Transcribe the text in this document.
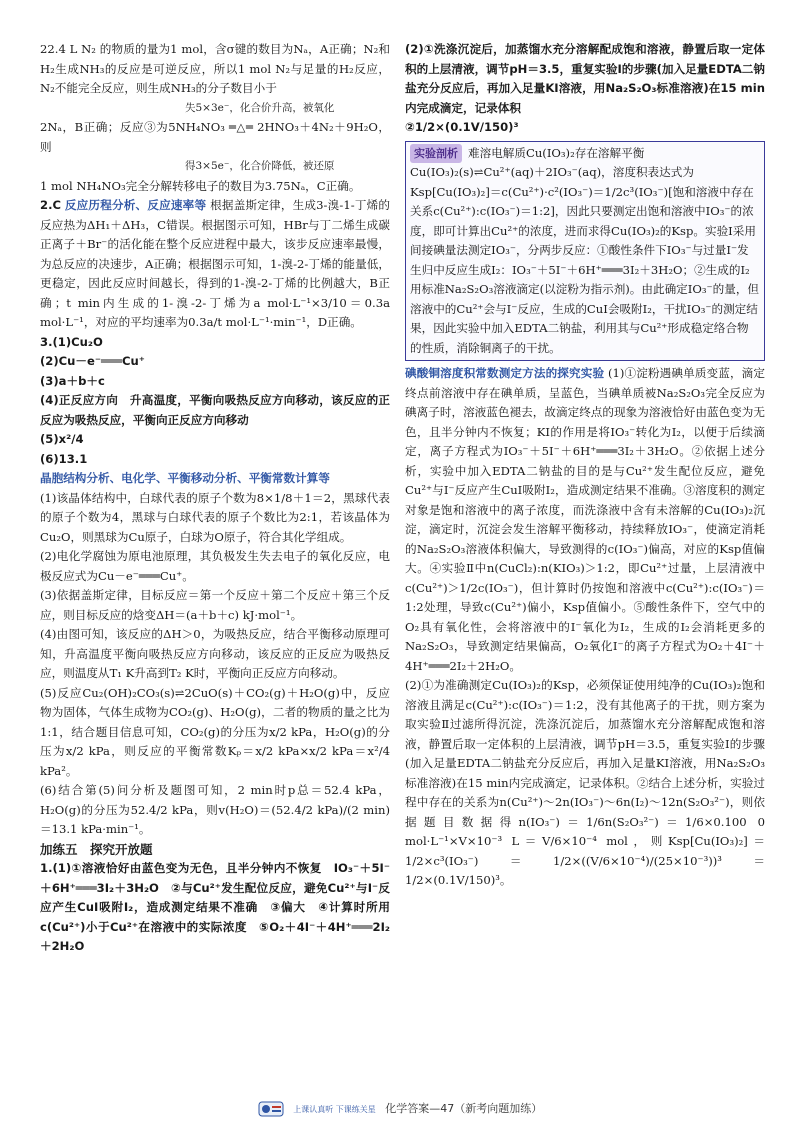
22.4 L N₂ 的物质的量为1 mol，含σ键的数目为Nₐ，A正确；N₂和H₂生成NH₃的反应是可逆反应，所以1 mol N₂与足量的H₂反应，N₂不能完全反应，则生成NH₃的分子数目小于

失5×3e⁻，化合价升高，被氧化

2Nₐ，B正确；反应③为5NH₄NO₃ ═△═ 2HNO₃＋4N₂＋9H₂O，则

得3×5e⁻，化合价降低，被还原

1 mol NH₄NO₃完全分解转移电子的数目为3.75Nₐ，C正确。

2.C 反应历程分析、反应速率等 根据盖斯定律，生成3-溴-1-丁烯的反应热为ΔH₁＋ΔH₃，C错误。根据图示可知，HBr与丁二烯生成碳正离子＋Br⁻的活化能在整个反应进程中最大，该步反应速率最慢，为总反应的决速步，A正确；根据图示可知，1-溴-2-丁烯的能量低，更稳定，因此反应时间越长，得到的1-溴-2-丁烯的比例越大，B正确；t min内生成的1-溴-2-丁烯为a mol·L⁻¹×3/10＝0.3a mol·L⁻¹，对应的平均速率为0.3a/t mol·L⁻¹·min⁻¹，D正确。

3.(1)Cu₂O

(2)Cu－e⁻═══Cu⁺

(3)a＋b＋c

(4)正反应方向　升高温度，平衡向吸热反应方向移动，该反应的正反应为吸热反应，平衡向正反应方向移动

(5)x²/4

(6)13.1

晶胞结构分析、电化学、平衡移动分析、平衡常数计算等

(1)该晶体结构中，白球代表的原子个数为8×1/8＋1＝2，黑球代表的原子个数为4，黑球与白球代表的原子个数比为2:1，若该晶体为Cu₂O，则黑球为Cu原子，白球为O原子，符合其化学组成。

(2)电化学腐蚀为原电池原理，其负极发生失去电子的氧化反应，电极反应式为Cu－e⁻═══Cu⁺。

(3)依据盖斯定律，目标反应＝第一个反应＋第二个反应＋第三个反应，则目标反应的焓变ΔH＝(a＋b＋c) kJ·mol⁻¹。

(4)由图可知，该反应的ΔH＞0，为吸热反应，结合平衡移动原理可知，升高温度平衡向吸热反应方向移动，该反应的正反应为吸热反应，则温度从T₁ K升高到T₂ K时，平衡向正反应方向移动。

(5)反应Cu₂(OH)₂CO₃(s)⇌2CuO(s)＋CO₂(g)＋H₂O(g)中，反应物为固体，气体生成物为CO₂(g)、H₂O(g)，二者的物质的量之比为1:1，结合题目信息可知，CO₂(g)的分压为x/2 kPa，H₂O(g)的分压为x/2 kPa，则反应的平衡常数Kₚ＝x/2 kPa×x/2 kPa＝x²/4 kPa²。

(6)结合第(5)问分析及题图可知，2 min时p总＝52.4 kPa，H₂O(g)的分压为52.4/2 kPa，则v(H₂O)＝(52.4/2 kPa)/(2 min)＝13.1 kPa·min⁻¹。

加练五　探究开放题

1.(1)①溶液恰好由蓝色变为无色，且半分钟内不恢复　IO₃⁻＋5I⁻＋6H⁺═══3I₂＋3H₂O　②与Cu²⁺发生配位反应，避免Cu²⁺与I⁻反应产生CuI吸附I₂，造成测定结果不准确　③偏大　④计算时所用c(Cu²⁺)小于Cu²⁺在溶液中的实际浓度　⑤O₂＋4I⁻＋4H⁺═══2I₂＋2H₂O

(2)①洗涤沉淀后，加蒸馏水充分溶解配成饱和溶液，静置后取一定体积的上层清液，调节pH＝3.5，重复实验Ⅰ的步骤(加入足量EDTA二钠盐充分反应后，再加入足量KI溶液，用Na₂S₂O₃标准溶液)在15 min内完成滴定，记录体积

②1/2×(0.1V/150)³

实验剖析 难溶电解质Cu(IO₃)₂存在溶解平衡Cu(IO₃)₂(s)⇌Cu²⁺(aq)＋2IO₃⁻(aq)，溶度积表达式为Ksp[Cu(IO₃)₂]＝c(Cu²⁺)·c²(IO₃⁻)＝1/2c³(IO₃⁻)[饱和溶液中存在关系c(Cu²⁺):c(IO₃⁻)＝1:2]，因此只要测定出饱和溶液中IO₃⁻的浓度，即可计算出Cu²⁺的浓度，进而求得Cu(IO₃)₂的Ksp。实验Ⅰ采用间接碘量法测定IO₃⁻，分两步反应：①酸性条件下IO₃⁻与过量I⁻发生归中反应生成I₂：IO₃⁻＋5I⁻＋6H⁺═══3I₂＋3H₂O；②生成的I₂用标准Na₂S₂O₃溶液滴定(以淀粉为指示剂)。由此确定IO₃⁻的量，但溶液中的Cu²⁺会与I⁻反应，生成的CuI会吸附I₂，干扰IO₃⁻的测定结果，因此实验中加入EDTA二钠盐，利用其与Cu²⁺形成稳定络合物的性质，消除铜离子的干扰。

碘酸铜溶度积常数测定方法的探究实验 (1)①淀粉遇碘单质变蓝，滴定终点前溶液中存在碘单质，呈蓝色，当碘单质被Na₂S₂O₃完全反应为碘离子时，溶液蓝色褪去，故滴定终点的现象为溶液恰好由蓝色变为无色，且半分钟内不恢复；KI的作用是将IO₃⁻转化为I₂，以便于后续滴定，离子方程式为IO₃⁻＋5I⁻＋6H⁺═══3I₂＋3H₂O。②依据上述分析，实验中加入EDTA二钠盐的目的是与Cu²⁺发生配位反应，避免Cu²⁺与I⁻反应产生CuI吸附I₂，造成测定结果不准确。③溶度积的测定对象是饱和溶液中的离子浓度，而洗涤液中含有未溶解的Cu(IO₃)₂沉淀，滴定时，沉淀会发生溶解平衡移动，持续释放IO₃⁻，使滴定消耗的Na₂S₂O₃溶液体积偏大，导致测得的c(IO₃⁻)偏高，对应的Ksp值偏大。④实验Ⅱ中n(CuCl₂):n(KIO₃)＞1:2，即Cu²⁺过量，上层清液中c(Cu²⁺)＞1/2c(IO₃⁻)，但计算时仍按饱和溶液中c(Cu²⁺):c(IO₃⁻)＝1:2处理，导致c(Cu²⁺)偏小，Ksp值偏小。⑤酸性条件下，空气中的O₂具有氧化性，会将溶液中的I⁻氧化为I₂，生成的I₂会消耗更多的Na₂S₂O₃，导致测定结果偏高，O₂氧化I⁻的离子方程式为O₂＋4I⁻＋4H⁺═══2I₂＋2H₂O。

(2)①为准确测定Cu(IO₃)₂的Ksp，必须保证使用纯净的Cu(IO₃)₂饱和溶液且满足c(Cu²⁺):c(IO₃⁻)＝1:2，没有其他离子的干扰，则方案为取实验Ⅱ过滤所得沉淀，洗涤沉淀后，加蒸馏水充分溶解配成饱和溶液，静置后取一定体积的上层清液，调节pH＝3.5，重复实验Ⅰ的步骤(加入足量EDTA二钠盐充分反应后，再加入足量KI溶液，用Na₂S₂O₃标准溶液)在15 min内完成滴定，记录体积。②结合上述分析，实验过程中存在的关系为n(Cu²⁺)～2n(IO₃⁻)～6n(I₂)～12n(S₂O₃²⁻)，则依据题目数据得n(IO₃⁻)＝1/6n(S₂O₃²⁻)＝1/6×0.100 0 mol·L⁻¹×V×10⁻³ L＝V/6×10⁻⁴ mol，则Ksp[Cu(IO₃)₂]＝1/2×c³(IO₃⁻)＝1/2×((V/6×10⁻⁴)/(25×10⁻³))³＝1/2×(0.1V/150)³。

上课认真听 下课练关星 化学答案—47（新考向题加练）
